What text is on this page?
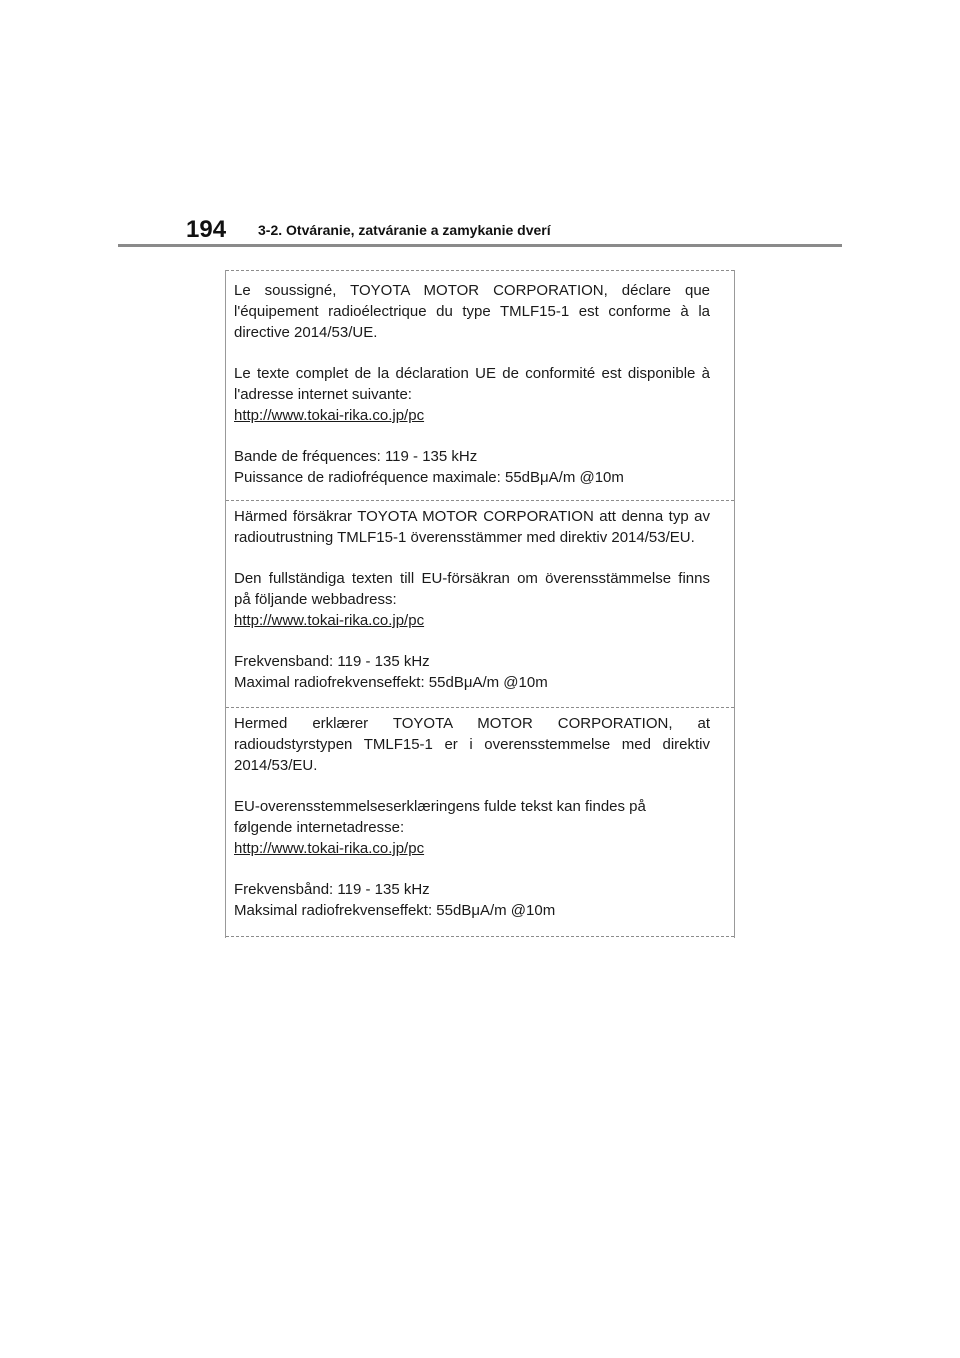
194 3-2. Otváranie, zatváranie a zamykanie dverí

Le soussigné, TOYOTA MOTOR CORPORATION, déclare que
l'équipement radioélectrique du type TMLF15-1 est conforme à la
directive 2014/53/UE.

Le texte complet de la déclaration UE de conformité est disponible à
l'adresse internet suivante:
http://www.tokai-rika.co.jp/pc

Bande de fréquences: 119 - 135 kHz
Puissance de radiofréquence maximale: 55dBμA/m @10m

Härmed försäkrar TOYOTA MOTOR CORPORATION att denna typ av
radioutrustning TMLF15-1 överensstämmer med direktiv 2014/53/EU.

Den fullständiga texten till EU-försäkran om överensstämmelse finns
på följande webbadress:
http://www.tokai-rika.co.jp/pc

Frekvensband: 119 - 135 kHz
Maximal radiofrekvenseffekt: 55dBμA/m @10m

Hermed erklærer TOYOTA MOTOR CORPORATION, at
radioudstyrstypen TMLF15-1 er i overensstemmelse med direktiv
2014/53/EU.

EU-overensstemmelseserklæringens fulde tekst kan findes på
følgende internetadresse:
http://www.tokai-rika.co.jp/pc

Frekvensbånd: 119 - 135 kHz
Maksimal radiofrekvenseffekt: 55dBμA/m @10m
